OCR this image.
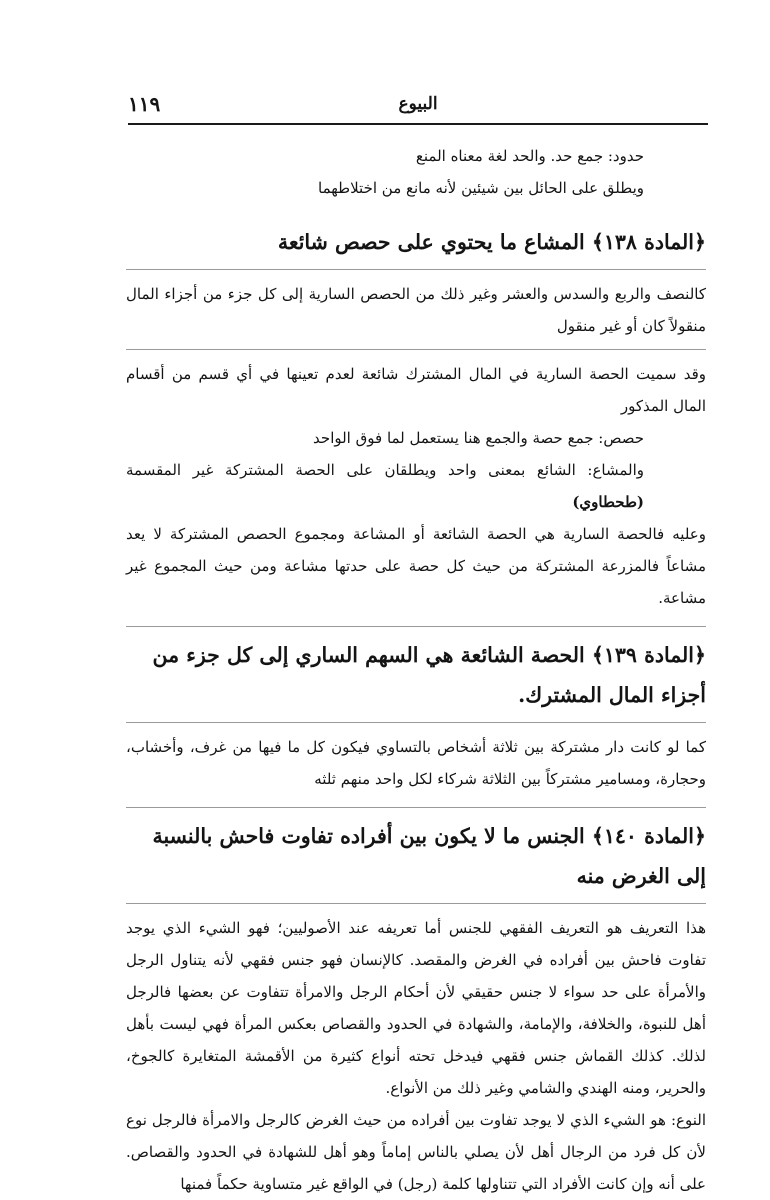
١١٩	البيوع

حدود: جمع حد. والحد لغة معناه المنع

ويطلق على الحائل بين شيئين لأنه مانع من اختلاطهما

﴿المادة ١٣٨﴾ المشاع ما يحتوي على حصص شائعة

كالنصف والربع والسدس والعشر وغير ذلك من الحصص السارية إلى كل جزء من أجزاء المال منقولاً كان أو غير منقول

وقد سميت الحصة السارية في المال المشترك شائعة لعدم تعينها في أي قسم من أقسام المال المذكور

حصص: جمع حصة والجمع هنا يستعمل لما فوق الواحد

والمشاع: الشائع بمعنى واحد ويطلقان على الحصة المشتركة غير المقسمة (طحطاوي)

وعليه فالحصة السارية هي الحصة الشائعة أو المشاعة ومجموع الحصص المشتركة لا يعد مشاعاً فالمزرعة المشتركة من حيث كل حصة على حدتها مشاعة ومن حيث المجموع غير مشاعة.

﴿المادة ١٣٩﴾ الحصة الشائعة هي السهم الساري إلى كل جزء من أجزاء المال المشترك.

كما لو كانت دار مشتركة بين ثلاثة أشخاص بالتساوي فيكون كل ما فيها من غرف، وأخشاب، وحجارة، ومسامير مشتركاً بين الثلاثة شركاء لكل واحد منهم ثلثه

﴿المادة ١٤٠﴾ الجنس ما لا يكون بين أفراده تفاوت فاحش بالنسبة إلى الغرض منه

هذا التعريف هو التعريف الفقهي للجنس أما تعريفه عند الأصوليين؛ فهو الشيء الذي يوجد تفاوت فاحش بين أفراده في الغرض والمقصد. كالإنسان فهو جنس فقهي لأنه يتناول الرجل والأمرأة على حد سواء لا جنس حقيقي لأن أحكام الرجل والامرأة تتفاوت عن بعضها فالرجل أهل للنبوة، والخلافة، والإمامة، والشهادة في الحدود والقصاص بعكس المرأة فهي ليست بأهل لذلك. كذلك القماش جنس فقهي فيدخل تحته أنواع كثيرة من الأقمشة المتغايرة كالجوخ، والحرير، ومنه الهندي والشامي وغير ذلك من الأنواع.

النوع: هو الشيء الذي لا يوجد تفاوت بين أفراده من حيث الغرض كالرجل والامرأة فالرجل نوع لأن كل فرد من الرجال أهل لأن يصلي بالناس إماماً وهو أهل للشهادة في الحدود والقصاص. على أنه وإن كانت الأفراد التي تتناولها كلمة (رجل) في الواقع غير متساوية حكماً فمنها
